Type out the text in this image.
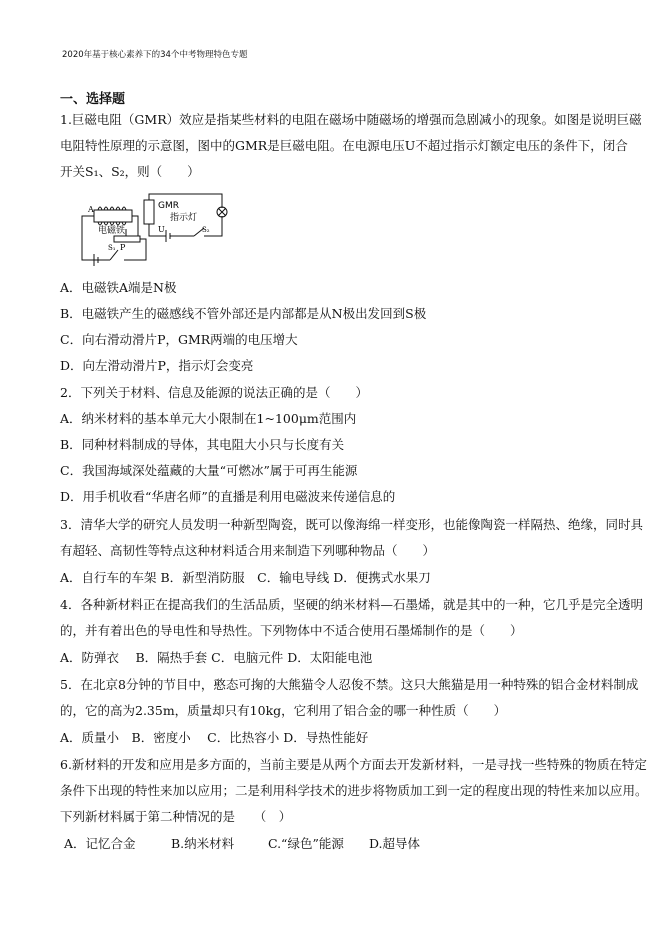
2020年基于核心素养下的34个中考物理特色专题
一、选择题
1.巨磁电阻（GMR）效应是指某些材料的电阻在磁场中随磁场的增强而急剧减小的现象。如图是说明巨磁
电阻特性原理的示意图，图中的GMR是巨磁电阻。在电源电压U不超过指示灯额定电压的条件下，闭合
开关S₁、S₂，则（　　）
A	GMR
电磁铁
指示灯
P
S₁
U	S₂
A．电磁铁A端是N极
B．电磁铁产生的磁感线不管外部还是内部都是从N极出发回到S极
C．向右滑动滑片P，GMR两端的电压增大
D．向左滑动滑片P，指示灯会变亮
2．下列关于材料、信息及能源的说法正确的是（　　）
A．纳米材料的基本单元大小限制在1~100μm范围内
B．同种材料制成的导体，其电阻大小只与长度有关
C．我国海域深处蕴藏的大量“可燃冰”属于可再生能源
D．用手机收看“华唐名师”的直播是利用电磁波来传递信息的
3．清华大学的研究人员发明一种新型陶瓷，既可以像海绵一样变形，也能像陶瓷一样隔热、绝缘，同时具
有超轻、高韧性等特点这种材料适合用来制造下列哪种物品（　　）
A．自行车的车架 B．新型消防服　C．输电导线 D．便携式水果刀
4．各种新材料正在提高我们的生活品质，坚硬的纳米材料—石墨烯，就是其中的一种，它几乎是完全透明
的，并有着出色的导电性和导热性。下列物体中不适合使用石墨烯制作的是（　　）
A．防弹衣　 B．隔热手套 C．电脑元件 D．太阳能电池
5．在北京8分钟的节目中，憨态可掬的大熊猫令人忍俊不禁。这只大熊猫是用一种特殊的铝合金材料制成
的，它的高为2.35m，质量却只有10kg，它利用了铝合金的哪一种性质（　　）
A．质量小　B．密度小　 C．比热容小 D．导热性能好
6.新材料的开发和应用是多方面的，当前主要是从两个方面去开发新材料，一是寻找一些特殊的物质在特定
条件下出现的特性来加以应用；二是利用科学技术的进步将物质加工到一定的程度出现的特性来加以应用。
下列新材料属于第二种情况的是　　（　）
A．记忆合金	B.纳米材料	C.“绿色”能源 D.超导体
